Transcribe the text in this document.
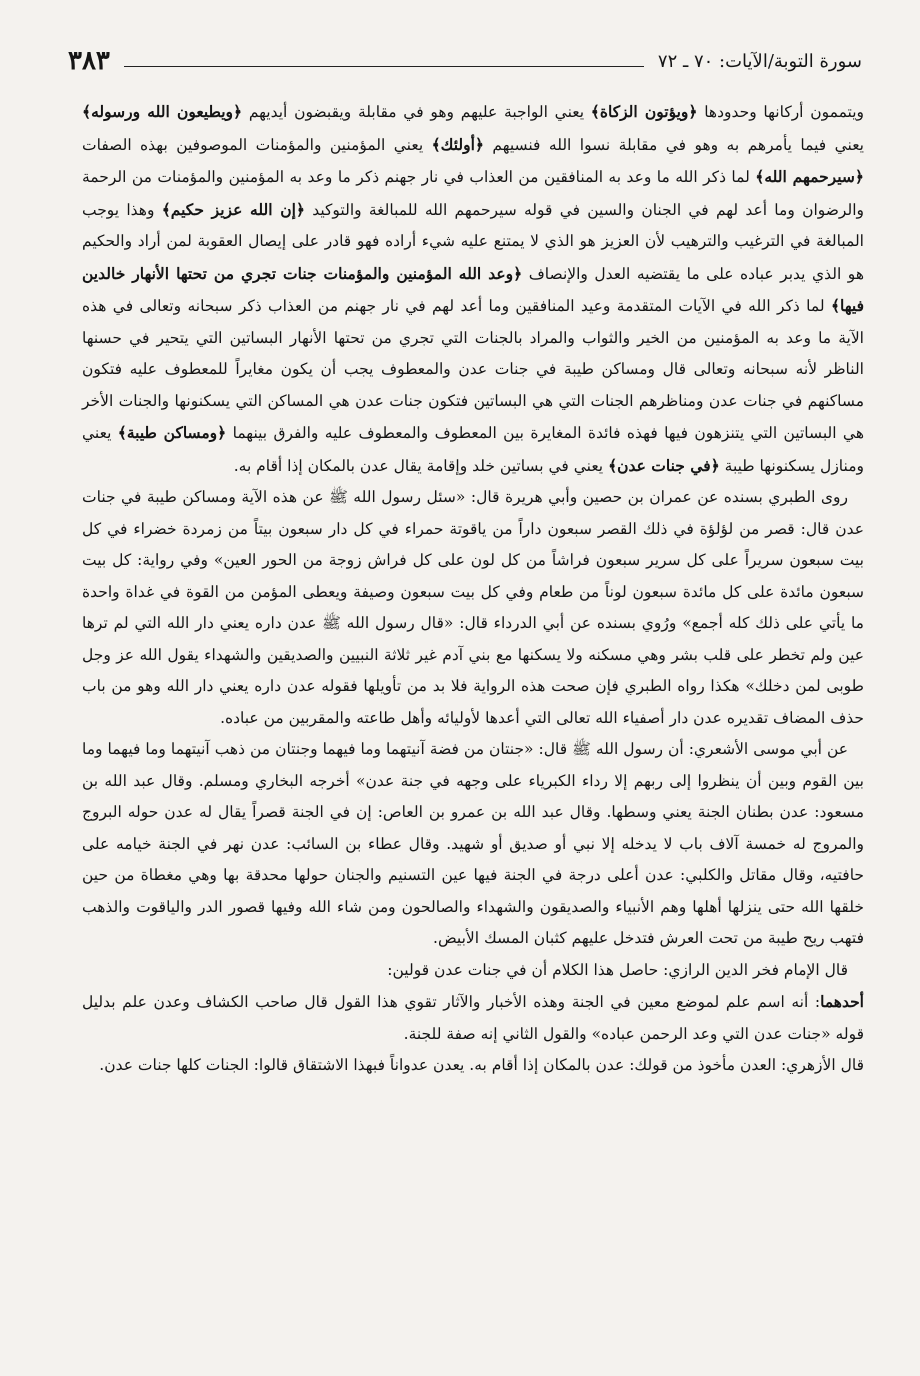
سورة التوبة/الآيات: ٧٠ ـ ٧٢
٣٨٣

ويتممون أركانها وحدودها ﴿ويؤتون الزكاة﴾ يعني الواجبة عليهم وهو في مقابلة ويقبضون أيديهم ﴿ويطيعون الله ورسوله﴾ يعني فيما يأمرهم به وهو في مقابلة نسوا الله فنسيهم ﴿أولئك﴾ يعني المؤمنين والمؤمنات الموصوفين بهذه الصفات ﴿سيرحمهم الله﴾ لما ذكر الله ما وعد به المنافقين من العذاب في نار جهنم ذكر ما وعد به المؤمنين والمؤمنات من الرحمة والرضوان وما أعد لهم في الجنان والسين في قوله سيرحمهم الله للمبالغة والتوكيد ﴿إن الله عزيز حكيم﴾ وهذا يوجب المبالغة في الترغيب والترهيب لأن العزيز هو الذي لا يمتنع عليه شيء أراده فهو قادر على إيصال العقوبة لمن أراد والحكيم هو الذي يدبر عباده على ما يقتضيه العدل والإنصاف ﴿وعد الله المؤمنين والمؤمنات جنات تجري من تحتها الأنهار خالدين فيها﴾ لما ذكر الله في الآيات المتقدمة وعيد المنافقين وما أعد لهم في نار جهنم من العذاب ذكر سبحانه وتعالى في هذه الآية ما وعد به المؤمنين من الخير والثواب والمراد بالجنات التي تجري من تحتها الأنهار البساتين التي يتحير في حسنها الناظر لأنه سبحانه وتعالى قال ومساكن طيبة في جنات عدن والمعطوف يجب أن يكون مغايراً للمعطوف عليه فتكون مساكنهم في جنات عدن ومناظرهم الجنات التي هي البساتين فتكون جنات عدن هي المساكن التي يسكنونها والجنات الأخر هي البساتين التي يتنزهون فيها فهذه فائدة المغايرة بين المعطوف والمعطوف عليه والفرق بينهما ﴿ومساكن طيبة﴾ يعني ومنازل يسكنونها طيبة ﴿في جنات عدن﴾ يعني في بساتين خلد وإقامة يقال عدن بالمكان إذا أقام به.

روى الطبري بسنده عن عمران بن حصين وأبي هريرة قال: «سئل رسول الله ﷺ عن هذه الآية ومساكن طيبة في جنات عدن قال: قصر من لؤلؤة في ذلك القصر سبعون داراً من ياقوتة حمراء في كل دار سبعون بيتاً من زمردة خضراء في كل بيت سبعون سريراً على كل سرير سبعون فراشاً من كل لون على كل فراش زوجة من الحور العين» وفي رواية: كل بيت سبعون مائدة على كل مائدة سبعون لوناً من طعام وفي كل بيت سبعون وصيفة ويعطى المؤمن من القوة في غداة واحدة ما يأتي على ذلك كله أجمع» ورُوي بسنده عن أبي الدرداء قال: «قال رسول الله ﷺ عدن داره يعني دار الله التي لم ترها عين ولم تخطر على قلب بشر وهي مسكنه ولا يسكنها مع بني آدم غير ثلاثة النبيين والصديقين والشهداء يقول الله عز وجل طوبى لمن دخلك» هكذا رواه الطبري فإن صحت هذه الرواية فلا بد من تأويلها فقوله عدن داره يعني دار الله وهو من باب حذف المضاف تقديره عدن دار أصفياء الله تعالى التي أعدها لأوليائه وأهل طاعته والمقربين من عباده.

عن أبي موسى الأشعري: أن رسول الله ﷺ قال: «جنتان من فضة آنيتهما وما فيهما وجنتان من ذهب آنيتهما وما فيهما وما بين القوم وبين أن ينظروا إلى ربهم إلا رداء الكبرياء على وجهه في جنة عدن» أخرجه البخاري ومسلم. وقال عبد الله بن مسعود: عدن بطنان الجنة يعني وسطها. وقال عبد الله بن عمرو بن العاص: إن في الجنة قصراً يقال له عدن حوله البروج والمروج له خمسة آلاف باب لا يدخله إلا نبي أو صديق أو شهيد. وقال عطاء بن السائب: عدن نهر في الجنة خيامه على حافتيه، وقال مقاتل والكلبي: عدن أعلى درجة في الجنة فيها عين التسنيم والجنان حولها محدقة بها وهي مغطاة من حين خلقها الله حتى ينزلها أهلها وهم الأنبياء والصديقون والشهداء والصالحون ومن شاء الله وفيها قصور الدر والياقوت والذهب فتهب ريح طيبة من تحت العرش فتدخل عليهم كثبان المسك الأبيض.

قال الإمام فخر الدين الرازي: حاصل هذا الكلام أن في جنات عدن قولين:

أحدهما: أنه اسم علم لموضع معين في الجنة وهذه الأخبار والآثار تقوي هذا القول قال صاحب الكشاف وعدن علم بدليل قوله «جنات عدن التي وعد الرحمن عباده» والقول الثاني إنه صفة للجنة.

قال الأزهري: العدن مأخوذ من قولك: عدن بالمكان إذا أقام به. يعدن عدواناً فبهذا الاشتقاق قالوا: الجنات كلها جنات عدن.
